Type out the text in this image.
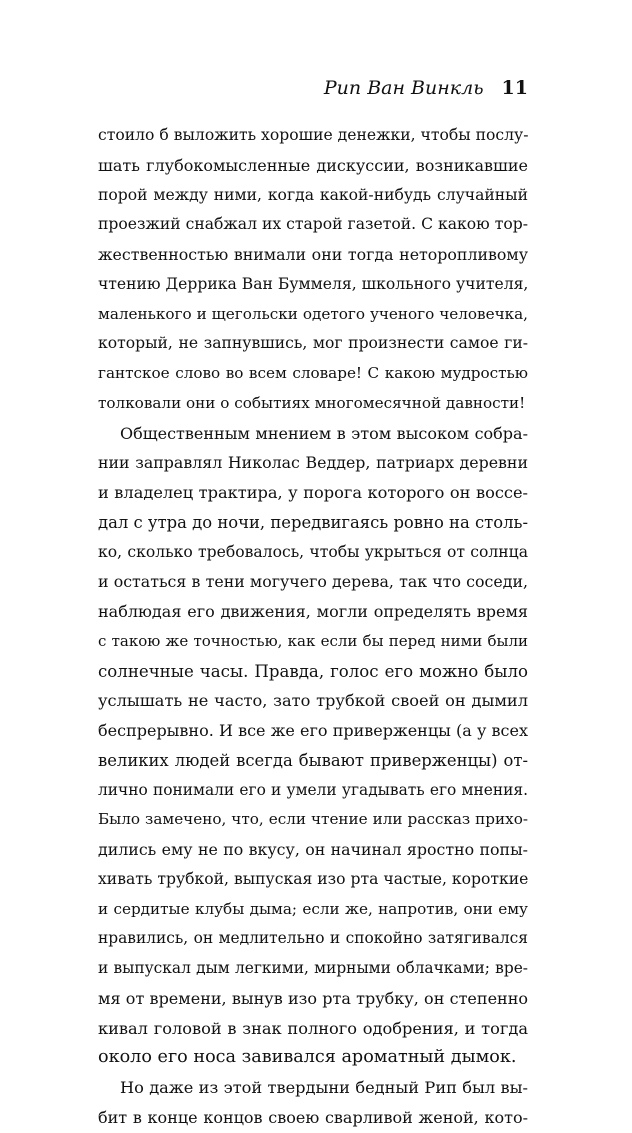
Рип Ван Винкль 11
стоило б выложить хорошие денежки, чтобы послу-
шать глубокомысленные дискуссии, возникавшие
порой между ними, когда какой-нибудь случайный
проезжий снабжал их старой газетой. С какою тор-
жественностью внимали они тогда неторопливому
чтению Деррика Ван Буммеля, школьного учителя,
маленького и щегольски одетого ученого человечка,
который, не запнувшись, мог произнести самое ги-
гантское слово во всем словаре! С какою мудростью
толковали они о событиях многомесячной давности!
Общественным мнением в этом высоком собра-
нии заправлял Николас Веддер, патриарх деревни
и владелец трактира, у порога которого он воссе-
дал с утра до ночи, передвигаясь ровно на столь-
ко, сколько требовалось, чтобы укрыться от солнца
и остаться в тени могучего дерева, так что соседи,
наблюдая его движения, могли определять время
с такою же точностью, как если бы перед ними были
солнечные часы. Правда, голос его можно было
услышать не часто, зато трубкой своей он дымил
беспрерывно. И все же его приверженцы (а у всех
великих людей всегда бывают приверженцы) от-
лично понимали его и умели угадывать его мнения.
Было замечено, что, если чтение или рассказ прихо-
дились ему не по вкусу, он начинал яростно попы-
хивать трубкой, выпуская изо рта частые, короткие
и сердитые клубы дыма; если же, напротив, они ему
нравились, он медлительно и спокойно затягивался
и выпускал дым легкими, мирными облачками; вре-
мя от времени, вынув изо рта трубку, он степенно
кивал головой в знак полного одобрения, и тогда
около его носа завивался ароматный дымок.
Но даже из этой твердыни бедный Рип был вы-
бит в конце концов своею сварливой женой, кото-
